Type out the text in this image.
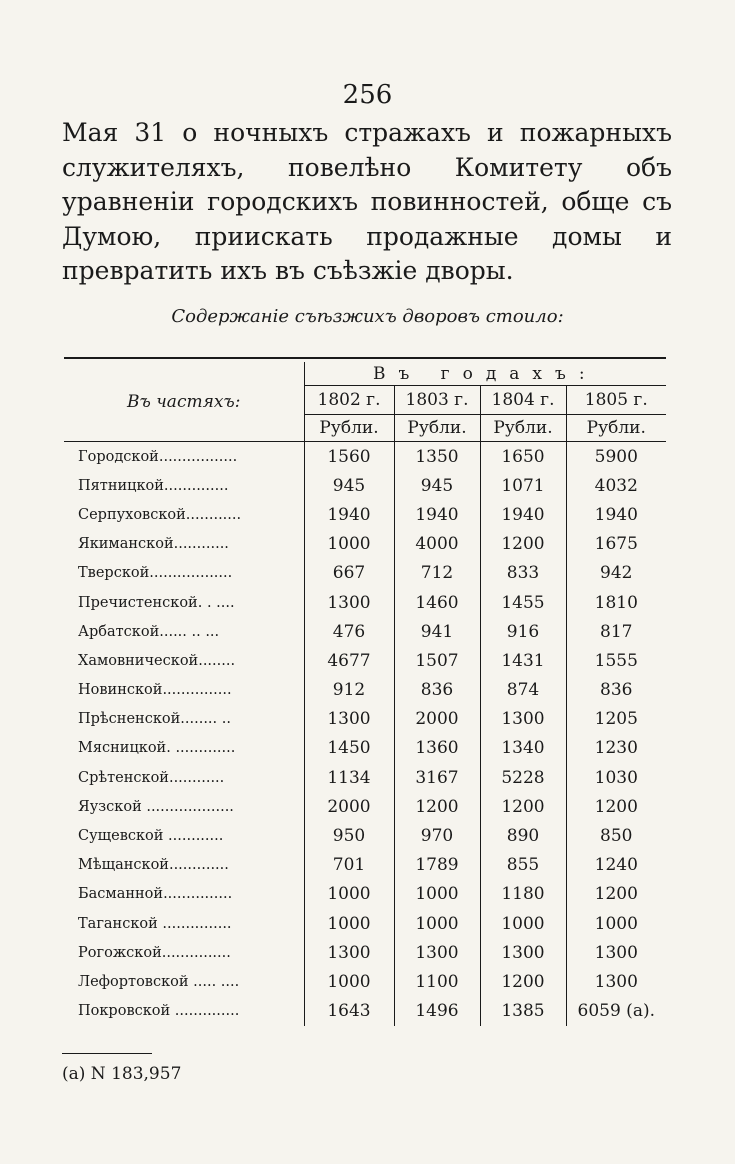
256

Мая 31 о ночныхъ стражахъ и пожарныхъ служителяхъ, повелѣно Комитету объ уравненіи городскихъ повинностей, обще съ Думою, приискать продажные домы и превратить ихъ въ съѣзжіе дворы.

Содержаніе съѣзжихъ дворовъ стоило:
Въ частяхъ:	Въ годахъ:			
	1802 г.	1803 г.	1804 г.	1805 г.
	Рубли.	Рубли.	Рубли.	Рубли.
Городской.................	1560	1350	1650	5900
Пятницкой..............	945	945	1071	4032
Серпуховской............	1940	1940	1940	1940
Якиманской............	1000	4000	1200	1675
Тверской..................	667	712	833	942
Пречистенской. . ....	1300	1460	1455	1810
Арбатской...... .. ...	476	941	916	817
Хамовнической........	4677	1507	1431	1555
Новинской...............	912	836	874	836
Прѣсненской........ ..	1300	2000	1300	1205
Мясницкой. .............	1450	1360	1340	1230
Срѣтенской............	1134	3167	5228	1030
Яузской ...................	2000	1200	1200	1200
Сущевской ............	950	970	890	850
Мѣщанской.............	701	1789	855	1240
Басманной...............	1000	1000	1180	1200
Таганской ...............	1000	1000	1000	1000
Рогожской...............	1300	1300	1300	1300
Лефортовской ..... ....	1000	1100	1200	1300
Покровской ..............	1643	1496	1385	6059 (a).
(a) N 183,957
